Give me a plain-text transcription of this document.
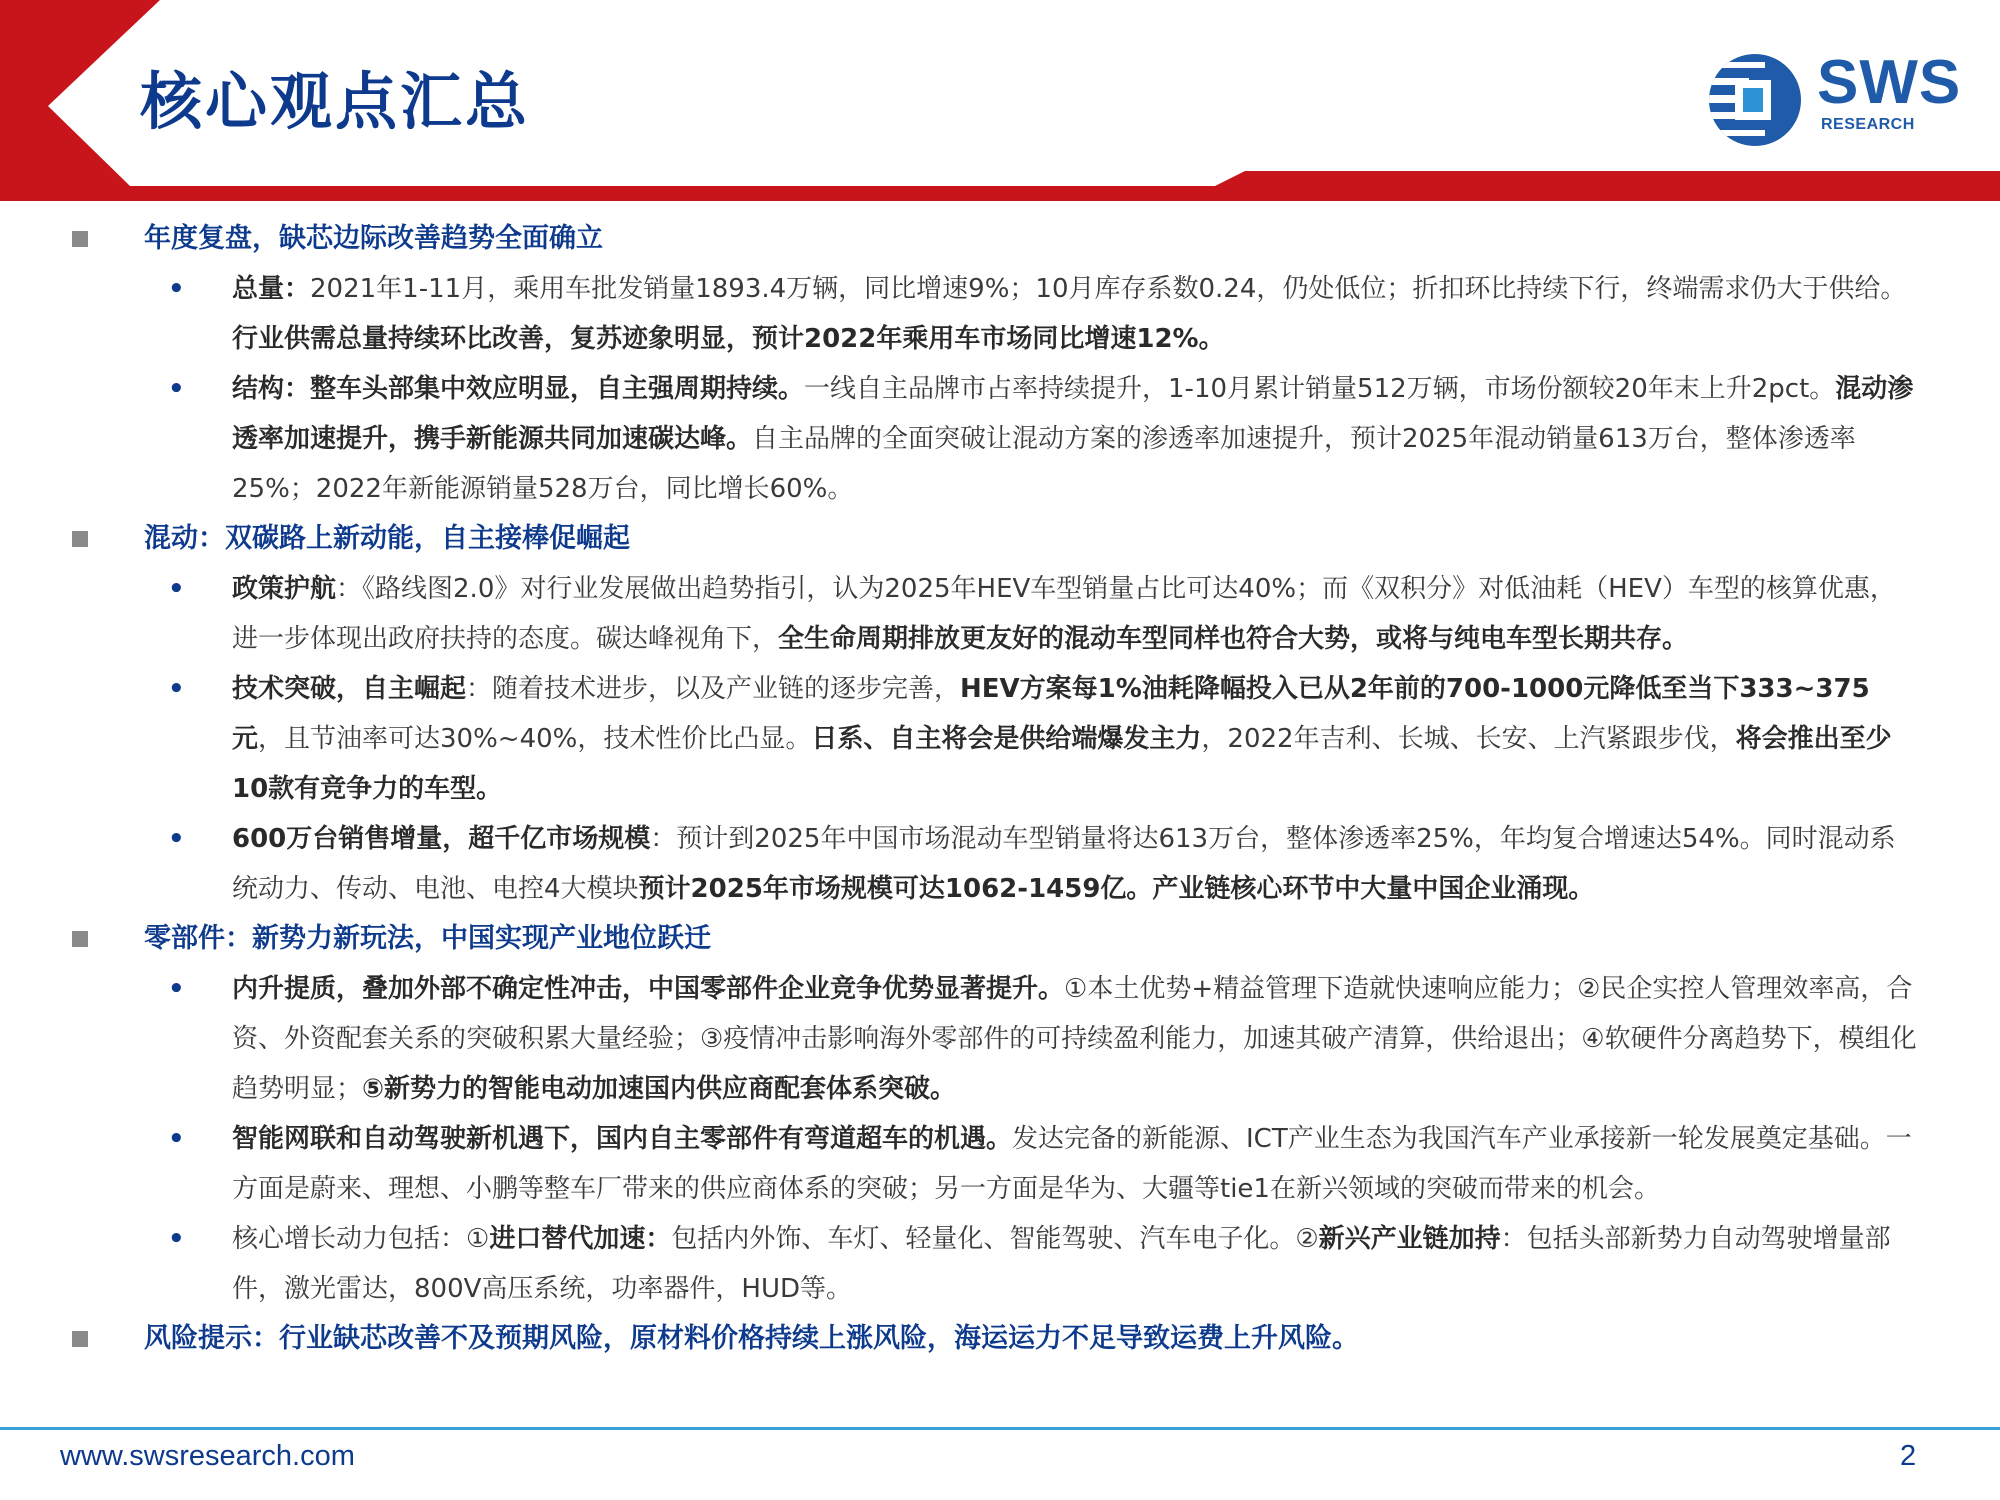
核心观点汇总	SWS
RESEARCH
年度复盘，缺芯边际改善趋势全面确立
• 总量：2021年1-11月，乘用车批发销量1893.4万辆，同比增速9%；10月库存系数0.24，仍处低位；折扣环比持续下行，终端需求仍大于供给。行业供需总量持续环比改善，复苏迹象明显，预计2022年乘用车市场同比增速12%。
• 结构：整车头部集中效应明显，自主强周期持续。一线自主品牌市占率持续提升，1-10月累计销量512万辆，市场份额较20年末上升2pct。混动渗透率加速提升，携手新能源共同加速碳达峰。自主品牌的全面突破让混动方案的渗透率加速提升，预计2025年混动销量613万台，整体渗透率25%；2022年新能源销量528万台，同比增长60%。
混动：双碳路上新动能，自主接棒促崛起
• 政策护航：《路线图2.0》对行业发展做出趋势指引，认为2025年HEV车型销量占比可达40%；而《双积分》对低油耗（HEV）车型的核算优惠，进一步体现出政府扶持的态度。碳达峰视角下，全生命周期排放更友好的混动车型同样也符合大势，或将与纯电车型长期共存。
• 技术突破，自主崛起：随着技术进步，以及产业链的逐步完善，HEV方案每1%油耗降幅投入已从2年前的700-1000元降低至当下333~375元，且节油率可达30%~40%，技术性价比凸显。日系、自主将会是供给端爆发主力，2022年吉利、长城、长安、上汽紧跟步伐，将会推出至少10款有竞争力的车型。
• 600万台销售增量，超千亿市场规模：预计到2025年中国市场混动车型销量将达613万台，整体渗透率25%，年均复合增速达54%。同时混动系统动力、传动、电池、电控4大模块预计2025年市场规模可达1062-1459亿。产业链核心环节中大量中国企业涌现。
零部件：新势力新玩法，中国实现产业地位跃迁
• 内升提质，叠加外部不确定性冲击，中国零部件企业竞争优势显著提升。①本土优势+精益管理下造就快速响应能力；②民企实控人管理效率高，合资、外资配套关系的突破积累大量经验；③疫情冲击影响海外零部件的可持续盈利能力，加速其破产清算，供给退出；④软硬件分离趋势下，模组化趋势明显；⑤新势力的智能电动加速国内供应商配套体系突破。
• 智能网联和自动驾驶新机遇下，国内自主零部件有弯道超车的机遇。发达完备的新能源、ICT产业生态为我国汽车产业承接新一轮发展奠定基础。一方面是蔚来、理想、小鹏等整车厂带来的供应商体系的突破；另一方面是华为、大疆等tie1在新兴领域的突破而带来的机会。
• 核心增长动力包括：①进口替代加速：包括内外饰、车灯、轻量化、智能驾驶、汽车电子化。②新兴产业链加持：包括头部新势力自动驾驶增量部件，激光雷达，800V高压系统，功率器件，HUD等。
风险提示：行业缺芯改善不及预期风险，原材料价格持续上涨风险，海运运力不足导致运费上升风险。
www.swsresearch.com	2
